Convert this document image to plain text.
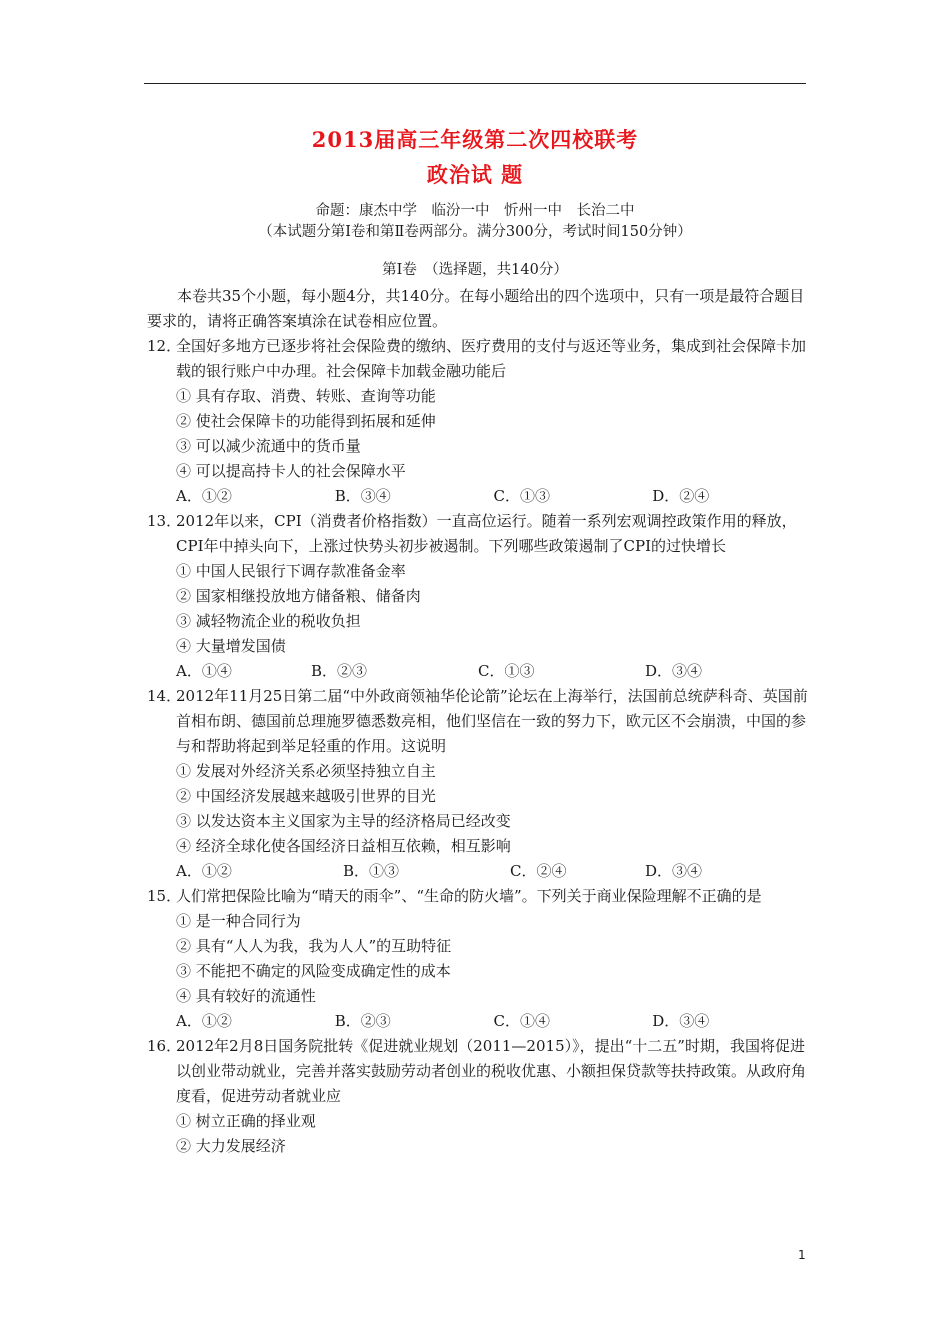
2013届高三年级第二次四校联考
政治试 题
命题：康杰中学　临汾一中　忻州一中　长治二中
（本试题分第Ⅰ卷和第Ⅱ卷两部分。满分300分，考试时间150分钟）
第Ⅰ卷　（选择题，共140分）

本卷共35个小题，每小题4分，共140分。在每小题给出的四个选项中，只有一项是最符合题目要求的，请将正确答案填涂在试卷相应位置。

12．
全国好多地方已逐步将社会保险费的缴纳、医疗费用的支付与返还等业务，集成到社会保障卡加载的银行账户中办理。社会保障卡加载金融功能后
① 具有存取、消费、转账、查询等功能
② 使社会保障卡的功能得到拓展和延伸
③ 可以减少流通中的货币量
④ 可以提高持卡人的社会保障水平
A．①②	B．③④	C．①③	D．②④
13．
2012年以来，CPI（消费者价格指数）一直高位运行。随着一系列宏观调控政策作用的释放，CPI年中掉头向下，上涨过快势头初步被遏制。下列哪些政策遏制了CPI的过快增长
① 中国人民银行下调存款准备金率
② 国家相继投放地方储备粮、储备肉
③ 减轻物流企业的税收负担
④ 大量增发国债
A．①④	B．②③	C．①③	D．③④
14．
2012年11月25日第二届“中外政商领袖华伦论箭”论坛在上海举行，法国前总统萨科奇、英国前首相布朗、德国前总理施罗德悉数亮相，他们坚信在一致的努力下，欧元区不会崩溃，中国的参与和帮助将起到举足轻重的作用。这说明
① 发展对外经济关系必须坚持独立自主
② 中国经济发展越来越吸引世界的目光
③ 以发达资本主义国家为主导的经济格局已经改变
④ 经济全球化使各国经济日益相互依赖，相互影响
A．①②	B．①③	C．②④	D．③④
15．
人们常把保险比喻为“晴天的雨伞”、“生命的防火墙”。下列关于商业保险理解不正确的是
① 是一种合同行为
② 具有“人人为我，我为人人”的互助特征
③ 不能把不确定的风险变成确定性的成本
④ 具有较好的流通性
A．①②	B．②③	C．①④	D．③④
16．
2012年2月8日国务院批转《促进就业规划（2011—2015）》，提出“十二五”时期，我国将促进以创业带动就业，完善并落实鼓励劳动者创业的税收优惠、小额担保贷款等扶持政策。从政府角度看，促进劳动者就业应
① 树立正确的择业观
② 大力发展经济
1
